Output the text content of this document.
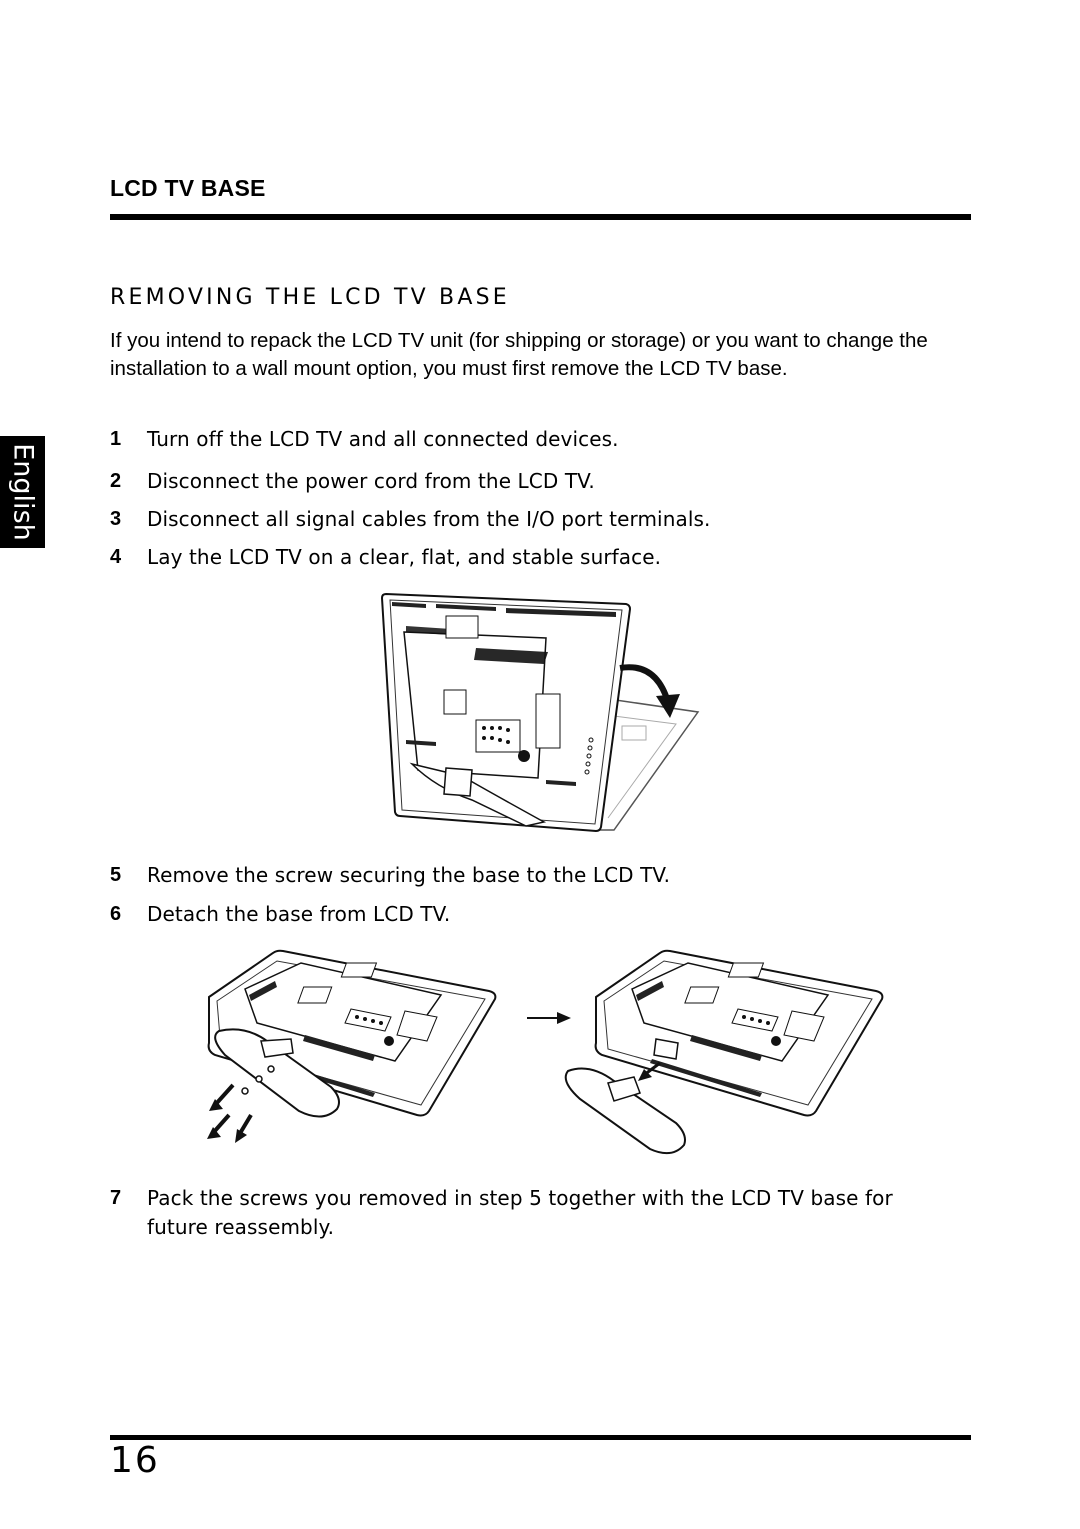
LCD TV BASE
REMOVING THE LCD TV BASE
If you intend to repack the LCD TV unit (for shipping or storage) or you want to change the installation to a wall mount option, you must first remove the LCD TV base.
1 Turn off the LCD TV and all connected devices.
2 Disconnect the power cord from the LCD TV.
3 Disconnect all signal cables from the I/O port terminals.
4 Lay the LCD TV on a clear, flat, and stable surface.
5 Remove the screw securing the base to the LCD TV.
6 Detach the base from LCD TV.
7 Pack the screws you removed in step 5 together with the LCD TV base for future reassembly.
English
16
